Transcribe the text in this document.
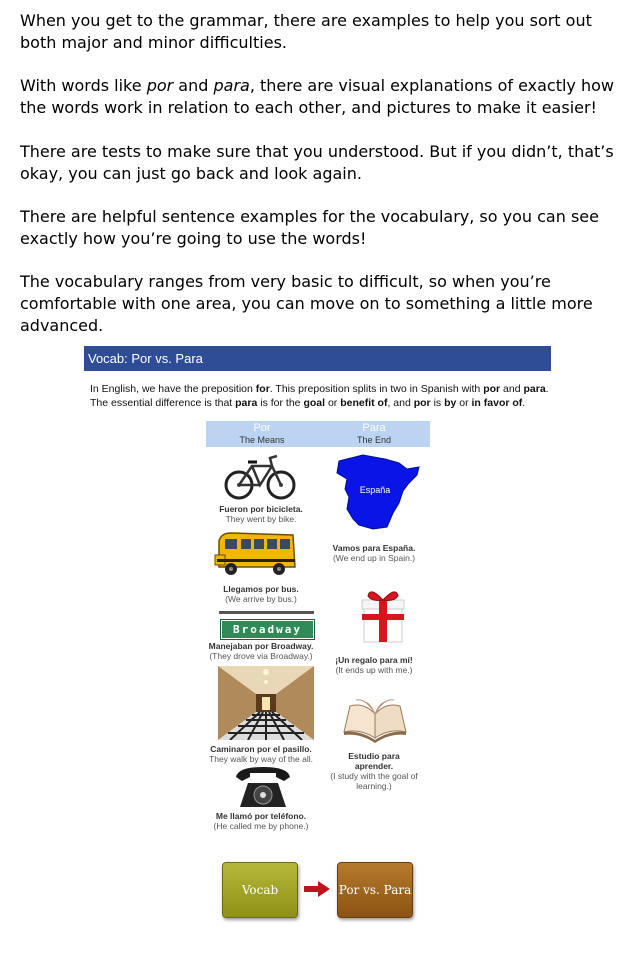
When you get to the grammar, there are examples to help you sort out both major and minor difficulties.

With words like por and para, there are visual explanations of exactly how the words work in relation to each other, and pictures to make it easier!

There are tests to make sure that you understood. But if you didn’t, that’s okay, you can just go back and look again.

There are helpful sentence examples for the vocabulary, so you can see exactly how you’re going to use the words!

The vocabulary ranges from very basic to difficult, so when you’re comfortable with one area, you can move on to something a little more advanced.

Vocab: Por vs. Para
In English, we have the preposition for. This preposition splits in two in Spanish with por and para. The essential difference is that para is for the goal or benefit of, and por is by or in favor of.
Por
The Means
Para
The End
Fueron por bicicleta.
They went by bike.
Llegamos por bus.
(We arrive by bus.)
Broadway
Manejaban por Broadway.
(They drove via Broadway.)
Caminaron por el pasillo.
They walk by way of the all.
Me llamó por teléfono.
(He called me by phone.)
España
Vamos para España.
(We end up in Spain.)
¡Un regalo para mí!
(It ends up with me.)
Estudio para aprender.
(I study with the goal of learning.)
Vocab	Por vs. Para
